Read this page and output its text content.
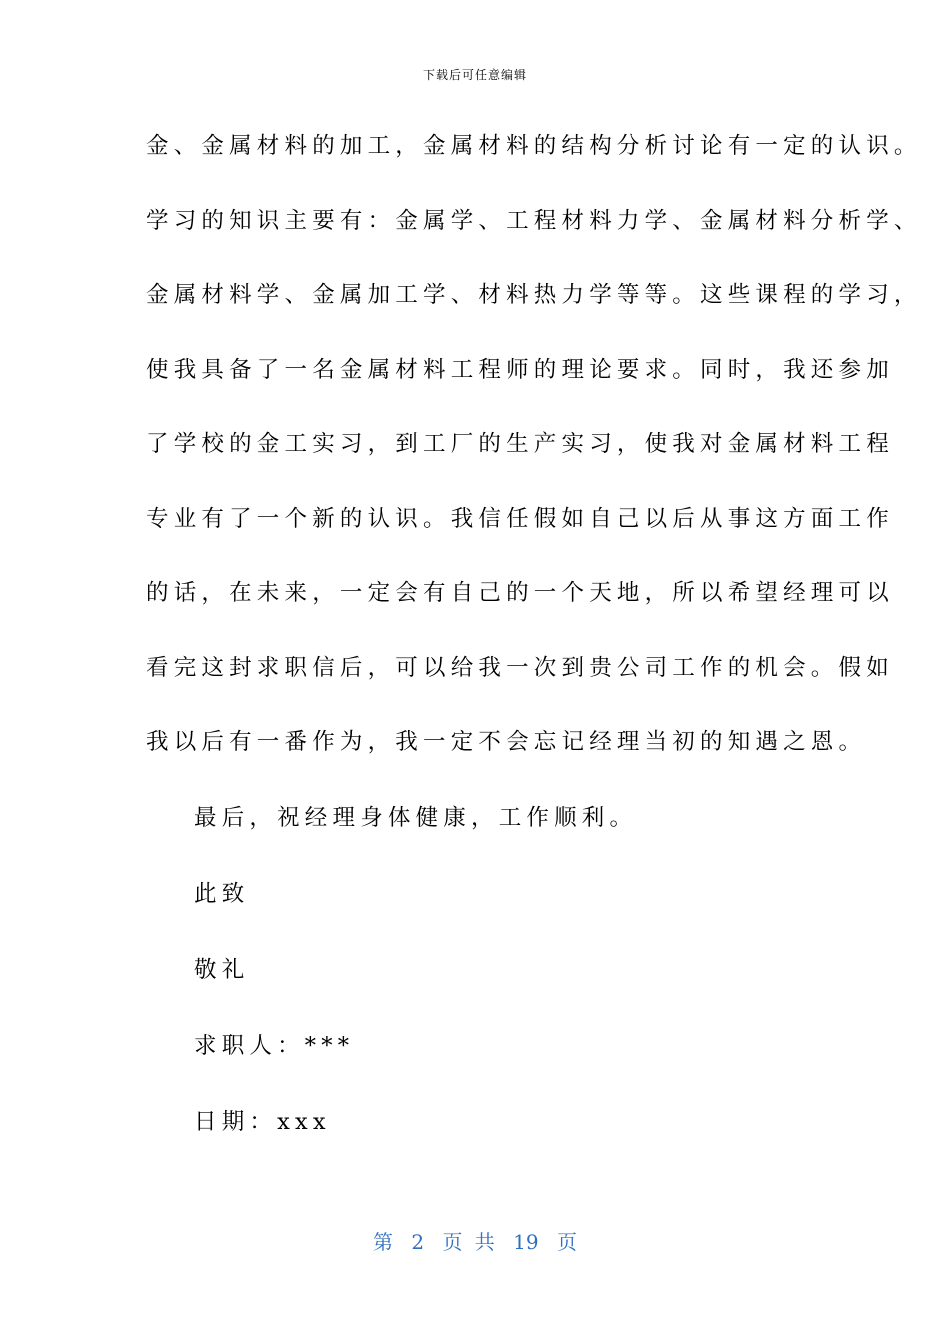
下载后可任意编辑
金、金属材料的加工，金属材料的结构分析讨论有一定的认识。
学习的知识主要有：金属学、工程材料力学、金属材料分析学、
金属材料学、金属加工学、材料热力学等等。这些课程的学习，
使我具备了一名金属材料工程师的理论要求。同时，我还参加
了学校的金工实习，到工厂的生产实习，使我对金属材料工程
专业有了一个新的认识。我信任假如自己以后从事这方面工作
的话，在未来，一定会有自己的一个天地，所以希望经理可以
看完这封求职信后，可以给我一次到贵公司工作的机会。假如
我以后有一番作为，我一定不会忘记经理当初的知遇之恩。
最后，祝经理身体健康，工作顺利。
此致
敬礼
求职人：***
日期：xxx
第 2 页 共 19 页
